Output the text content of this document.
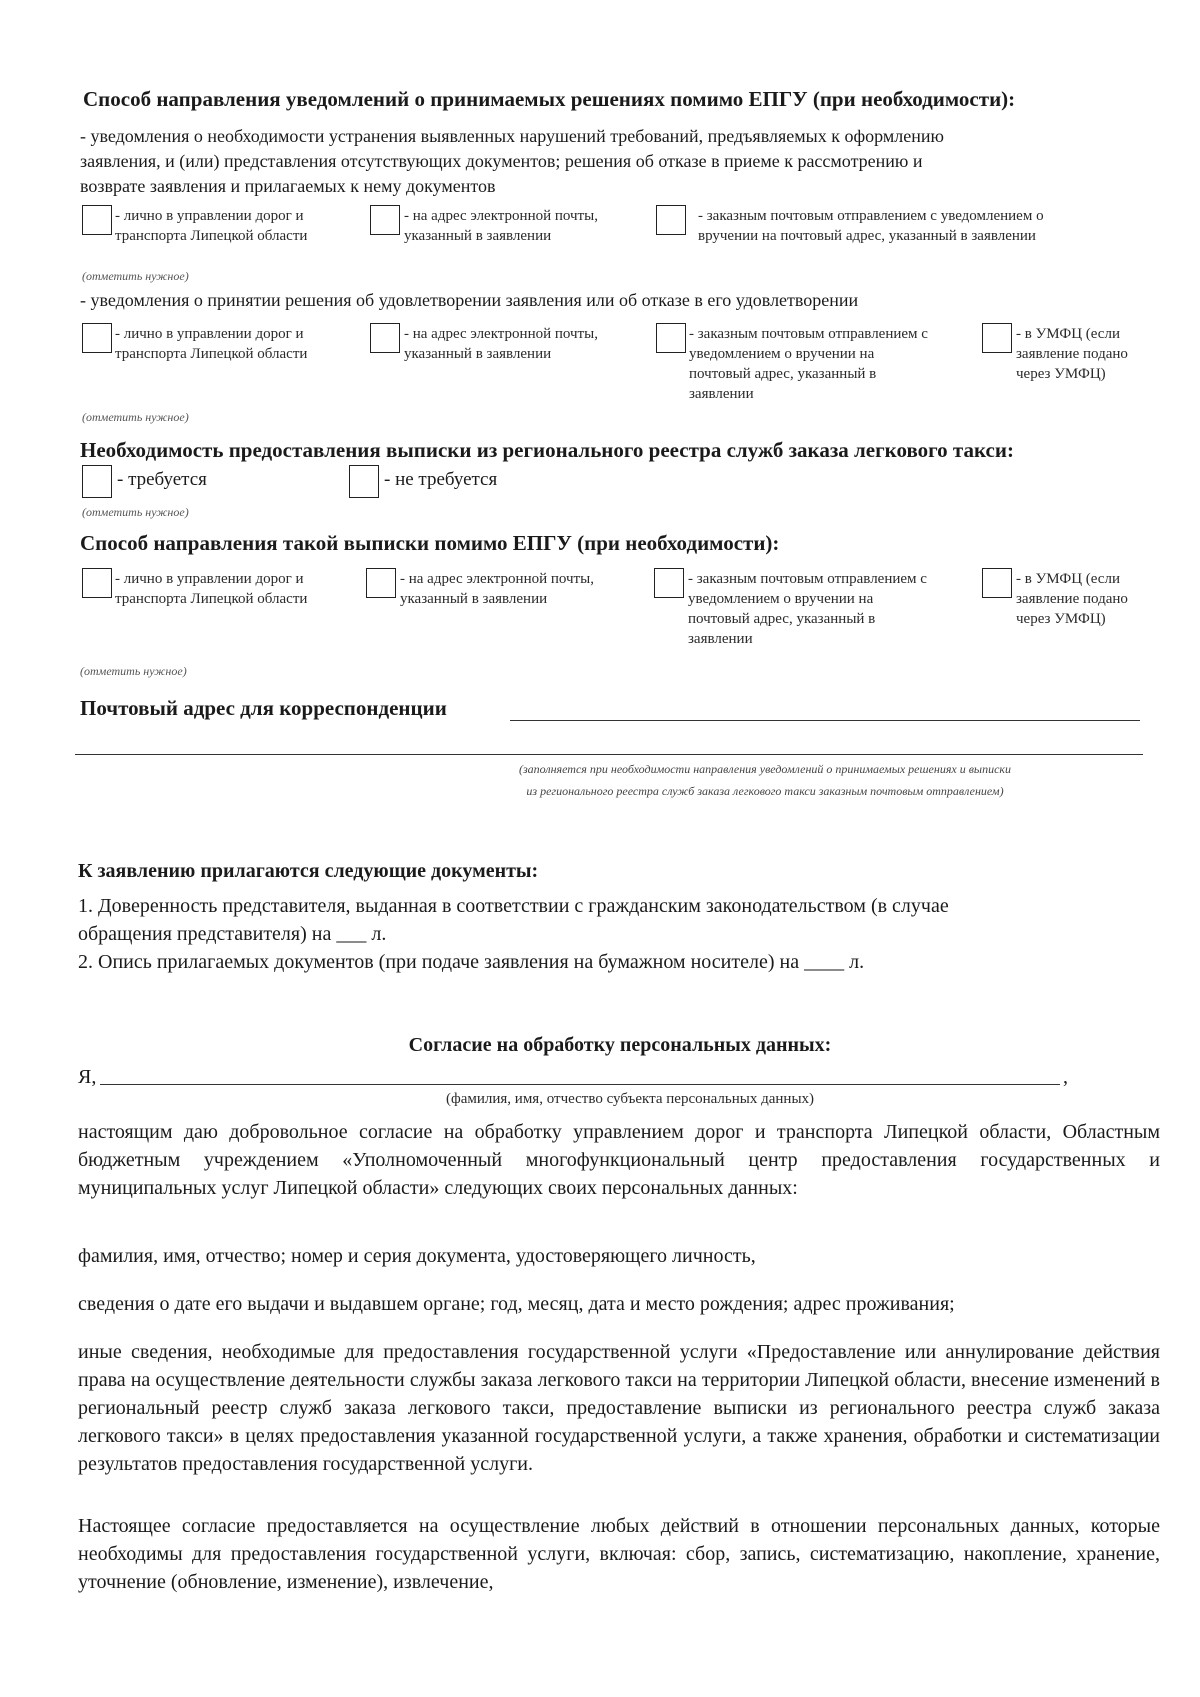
Способ направления уведомлений о принимаемых решениях помимо ЕПГУ (при необходимости):
- уведомления о необходимости устранения выявленных нарушений требований, предъявляемых к оформлению
заявления, и (или) представления отсутствующих документов; решения об отказе в приеме к рассмотрению и
возврате заявления и прилагаемых к нему документов
- лично в управлении дорог и
транспорта Липецкой области
- на адрес электронной почты,
указанный в заявлении
- заказным почтовым отправлением с уведомлением о
вручении на почтовый адрес, указанный в заявлении
(отметить нужное)
- уведомления о принятии решения об удовлетворении заявления или об отказе в его удовлетворении
- лично в управлении дорог и
транспорта Липецкой области
- на адрес электронной почты,
указанный в заявлении
- заказным почтовым отправлением с
уведомлением о вручении на
почтовый адрес, указанный в
заявлении
- в УМФЦ (если
заявление подано
через УМФЦ)
(отметить нужное)
Необходимость предоставления выписки из регионального реестра служб заказа легкового такси:
- требуется	- не требуется
(отметить нужное)
Способ направления такой выписки помимо ЕПГУ (при необходимости):
- лично в управлении дорог и
транспорта Липецкой области
- на адрес электронной почты,
указанный в заявлении
- заказным почтовым отправлением с
уведомлением о вручении на
почтовый адрес, указанный в
заявлении
- в УМФЦ (если
заявление подано
через УМФЦ)
(отметить нужное)
Почтовый адрес для корреспонденции
(заполняется при необходимости направления уведомлений о принимаемых решениях и выписки
из регионального реестра служб заказа легкового такси заказным почтовым отправлением)
К заявлению прилагаются следующие документы:
1. Доверенность представителя, выданная в соответствии с гражданским законодательством (в случае
обращения представителя) на ___ л.
2. Опись прилагаемых документов (при подаче заявления на бумажном носителе) на ____ л.
Согласие на обработку персональных данных:
Я,	,
(фамилия, имя, отчество субъекта персональных данных)
настоящим даю добровольное согласие на обработку управлением дорог и транспорта Липецкой области, Областным бюджетным учреждением «Уполномоченный многофункциональный центр предоставления государственных и муниципальных услуг Липецкой области» следующих своих персональных данных:
фамилия, имя, отчество; номер и серия документа, удостоверяющего личность,
сведения о дате его выдачи и выдавшем органе; год, месяц, дата и место рождения; адрес проживания;
иные сведения, необходимые для предоставления государственной услуги «Предоставление или аннулирование действия права на осуществление деятельности службы заказа легкового такси на территории Липецкой области, внесение изменений в региональный реестр служб заказа легкового такси, предоставление выписки из регионального реестра служб заказа легкового такси» в целях предоставления указанной государственной услуги, а также хранения, обработки и систематизации результатов предоставления государственной услуги.
Настоящее согласие предоставляется на осуществление любых действий в отношении персональных данных, которые необходимы для предоставления государственной услуги, включая: сбор, запись, систематизацию, накопление, хранение, уточнение (обновление, изменение), извлечение,
